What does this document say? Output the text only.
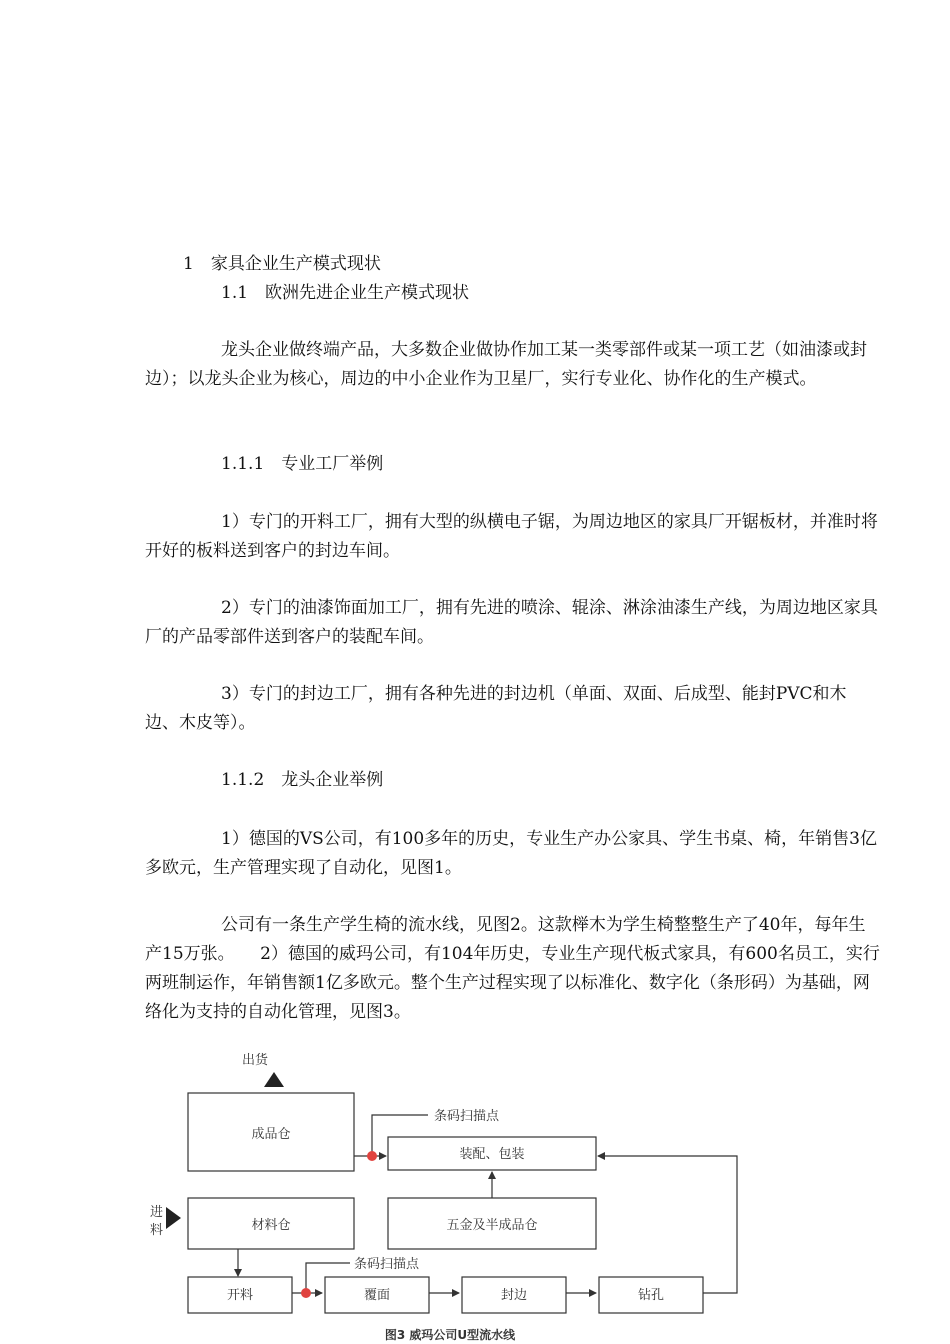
1　家具企业生产模式现状
1.1　欧洲先进企业生产模式现状
龙头企业做终端产品，大多数企业做协作加工某一类零部件或某一项工艺（如油漆或封边）；以龙头企业为核心，周边的中小企业作为卫星厂，实行专业化、协作化的生产模式。
1.1.1　专业工厂举例
1）专门的开料工厂，拥有大型的纵横电子锯，为周边地区的家具厂开锯板材，并准时将开好的板料送到客户的封边车间。
2）专门的油漆饰面加工厂，拥有先进的喷涂、辊涂、淋涂油漆生产线，为周边地区家具厂的产品零部件送到客户的装配车间。
3）专门的封边工厂，拥有各种先进的封边机（单面、双面、后成型、能封PVC和木边、木皮等）。
1.1.2　龙头企业举例
1）德国的VS公司，有100多年的历史，专业生产办公家具、学生书桌、椅，年销售3亿多欧元，生产管理实现了自动化，见图1。
公司有一条生产学生椅的流水线，见图2。这款榉木为学生椅整整生产了40年，每年生产15万张。　　2）德国的威玛公司，有104年历史，专业生产现代板式家具，有600名员工，实行两班制运作，年销售额1亿多欧元。整个生产过程实现了以标准化、数字化（条形码）为基础，网络化为支持的自动化管理，见图3。
出货
成品仓
条码扫描点
装配、包装
进
料	材料仓	五金及半成品仓
条码扫描点
开料	覆面	封边	钻孔
图3 威玛公司U型流水线
